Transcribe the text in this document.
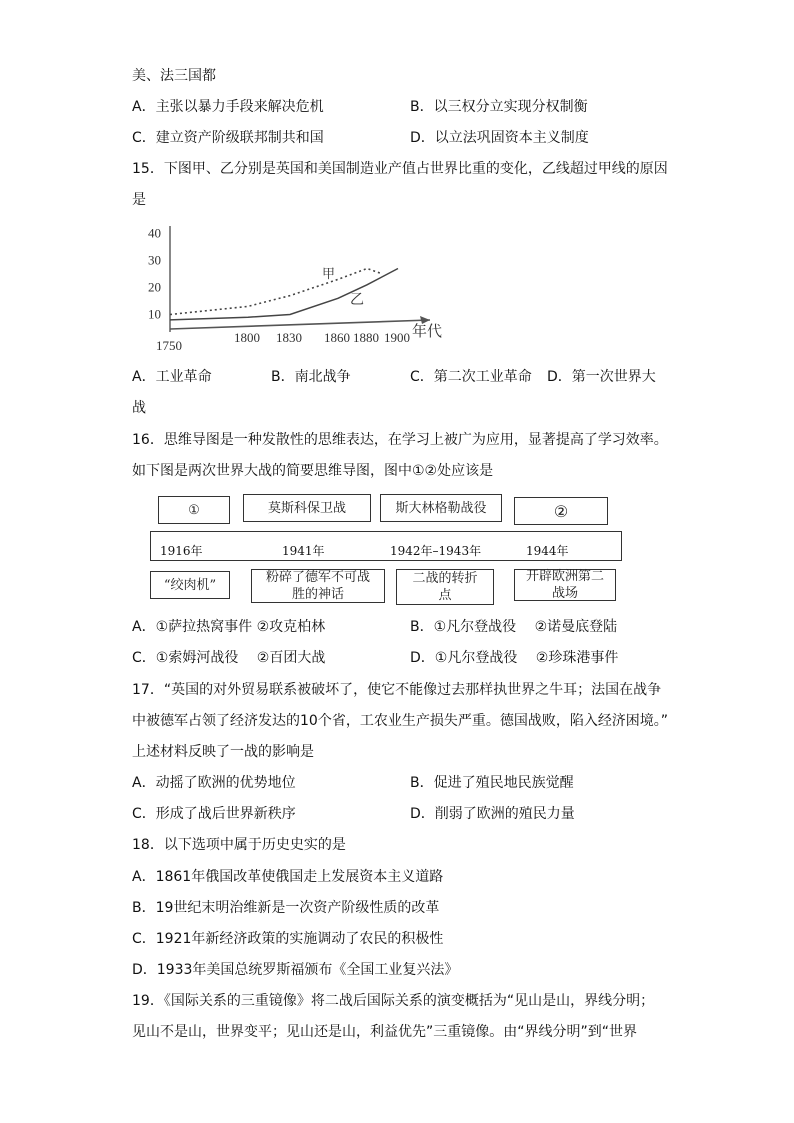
美、法三国都
A．主张以暴力手段来解决危机	B．以三权分立实现分权制衡
C．建立资产阶级联邦制共和国	D．以立法巩固资本主义制度
15．下图甲、乙分别是英国和美国制造业产值占世界比重的变化，乙线超过甲线的原因
是
10
20
30
40
1750
1800 1830 1860 1880 1900 年代
甲
乙
A．工业革命	B．南北战争	C．第二次工业革命 D．第一次世界大
战
16．思维导图是一种发散性的思维表达，在学习上被广为应用，显著提高了学习效率。
如下图是两次世界大战的简要思维导图，图中①②处应该是
①	莫斯科保卫战	斯大林格勒战役	②
1916年	1941年	1942年–1943年	1944年
“绞肉机”	粉碎了德军不可战胜的神话
二战的转折点
开辟欧洲第二战场
A．①萨拉热窝事件 ②攻克柏林	B．①凡尔登战役　 ②诺曼底登陆
C．①索姆河战役　 ②百团大战	D．①凡尔登战役　 ②珍珠港事件
17．“英国的对外贸易联系被破坏了，使它不能像过去那样执世界之牛耳；法国在战争
中被德军占领了经济发达的10个省，工农业生产损失严重。德国战败，陷入经济困境。”
上述材料反映了一战的影响是
A．动摇了欧洲的优势地位	B．促进了殖民地民族觉醒
C．形成了战后世界新秩序	D．削弱了欧洲的殖民力量
18．以下选项中属于历史史实的是
A．1861年俄国改革使俄国走上发展资本主义道路
B．19世纪末明治维新是一次资产阶级性质的改革
C．1921年新经济政策的实施调动了农民的积极性
D．1933年美国总统罗斯福颁布《全国工业复兴法》
19．《国际关系的三重镜像》将二战后国际关系的演变概括为“见山是山，界线分明；
见山不是山，世界变平；见山还是山，利益优先”三重镜像。由“界线分明”到“世界
